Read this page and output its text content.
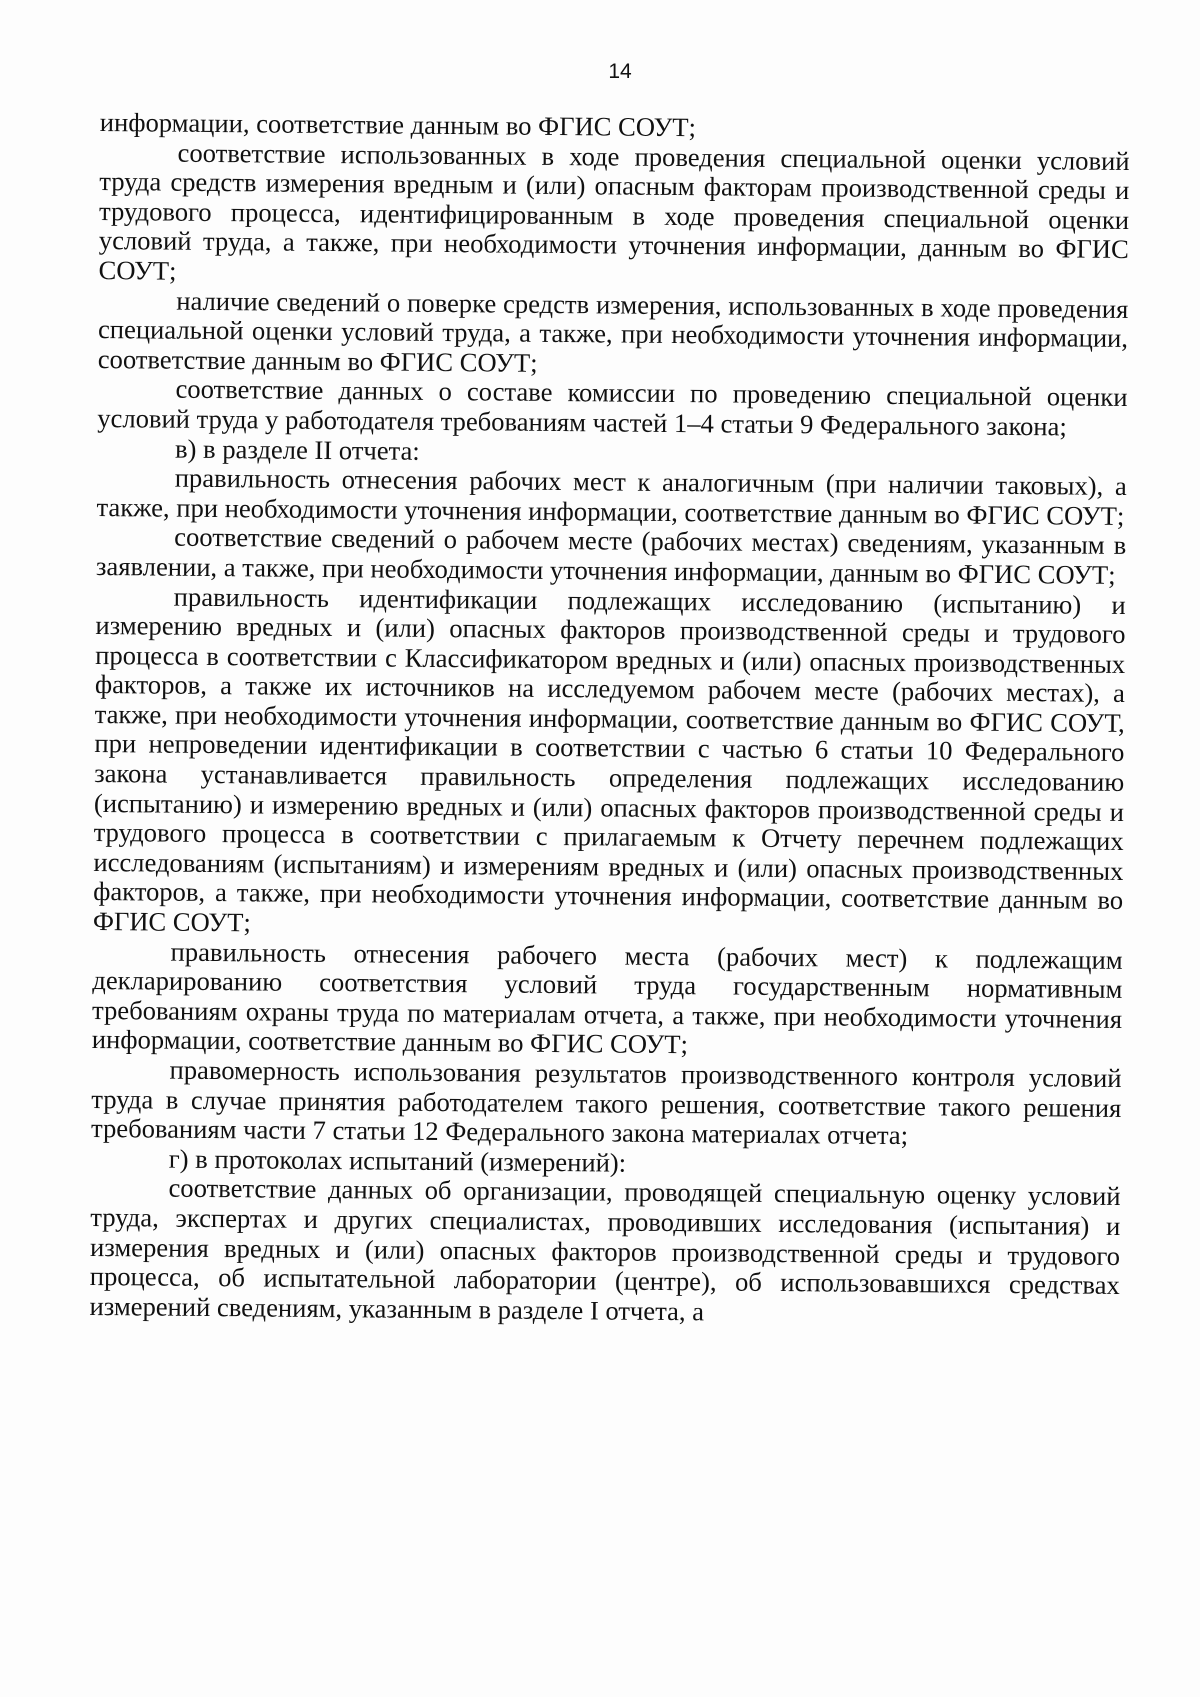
14

информации, соответствие данным во ФГИС СОУТ;

соответствие использованных в ходе проведения специальной оценки условий труда средств измерения вредным и (или) опасным факторам производственной среды и трудового процесса, идентифицированным в ходе проведения специальной оценки условий труда, а также, при необходимости уточнения информации, данным во ФГИС СОУТ;

наличие сведений о поверке средств измерения, использованных в ходе проведения специальной оценки условий труда, а также, при необходимости уточнения информации, соответствие данным во ФГИС СОУТ;

соответствие данных о составе комиссии по проведению специальной оценки условий труда у работодателя требованиям частей 1–4 статьи 9 Федерального закона;

в) в разделе II отчета:

правильность отнесения рабочих мест к аналогичным (при наличии таковых), а также, при необходимости уточнения информации, соответствие данным во ФГИС СОУТ;

соответствие сведений о рабочем месте (рабочих местах) сведениям, указанным в заявлении, а также, при необходимости уточнения информации, данным во ФГИС СОУТ;

правильность идентификации подлежащих исследованию (испытанию) и измерению вредных и (или) опасных факторов производственной среды и трудового процесса в соответствии с Классификатором вредных и (или) опасных производственных факторов, а также их источников на исследуемом рабочем месте (рабочих местах), а также, при необходимости уточнения информации, соответствие данным во ФГИС СОУТ, при непроведении идентификации в соответствии с частью 6 статьи 10 Федерального закона устанавливается правильность определения подлежащих исследованию (испытанию) и измерению вредных и (или) опасных факторов производственной среды и трудового процесса в соответствии с прилагаемым к Отчету перечнем подлежащих исследованиям (испытаниям) и измерениям вредных и (или) опасных производственных факторов, а также, при необходимости уточнения информации, соответствие данным во ФГИС СОУТ;

правильность отнесения рабочего места (рабочих мест) к подлежащим декларированию соответствия условий труда государственным нормативным требованиям охраны труда по материалам отчета, а также, при необходимости уточнения информации, соответствие данным во ФГИС СОУТ;

правомерность использования результатов производственного контроля условий труда в случае принятия работодателем такого решения, соответствие такого решения требованиям части 7 статьи 12 Федерального закона материалах отчета;

г) в протоколах испытаний (измерений):

соответствие данных об организации, проводящей специальную оценку условий труда, экспертах и других специалистах, проводивших исследования (испытания) и измерения вредных и (или) опасных факторов производственной среды и трудового процесса, об испытательной лаборатории (центре), об использовавшихся средствах измерений сведениям, указанным в разделе I отчета, а
